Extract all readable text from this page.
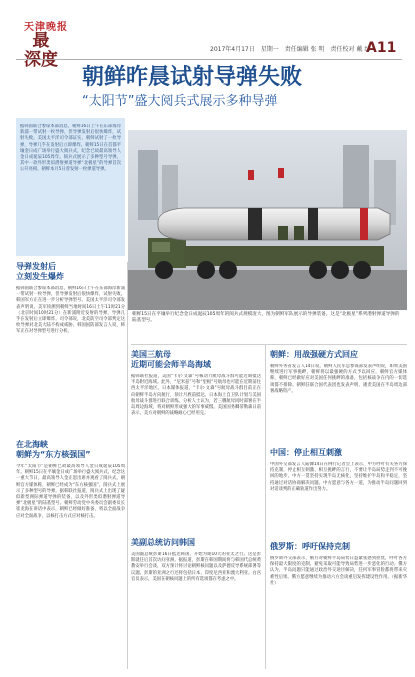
天津晚报
最
深度
2017年4月17日　星期一　责任编辑 张 明　责任校对 戴 红
A11
朝鲜昨晨试射导弹失败
“太阳节”盛大阅兵式展示多种导弹
据韩国联合参谋本部消息，朝鲜16日上午在东部海岸新浦一带试射一枚导弹，但导弹发射后很快爆炸，试射失败。美国太平洋司令部证实，朝鲜试射了一枚导弹，导弹几乎在发射后立即爆炸。朝鲜15日在首都平壤金日成广场举行盛大阅兵式，纪念已故最高领导人金日成诞辰105周年。阅兵式展示了多种型号导弹，其中一款外形类似潜射弹道导弹“北极星”的导弹首次公开亮相。朝鲜本月5日曾发射一枚弹道导弹。
朝鲜15日在平壤举行纪念金日成诞辰105周年的阅兵式规模庞大，图为朝鲜军队展示的导弹装备。这是“北极星”系列潜射弹道导弹的陆基型号。
导弹发射后
立刻发生爆炸
据韩国联合参谋本部消息，朝鲜16日上午在东部海岸新浦一带试射一枚导弹，但导弹发射后很快爆炸，试射失败。韩国军方正在进一步分析导弹型号。美国太平洋司令部发表声明说，美军侦测到朝鲜当地时间16日上午11时21分（北京时间10时21分）在新浦附近发射的导弹，导弹几乎在发射后立即爆炸。司令部说，北美防空司令部判定这枚导弹对北美大陆不构成威胁。韩国国防部发言人说，韩军正在对导弹型号进行分析。
在北海峡
朝鲜为“东方核强国”
今年“太阳节”是朝鲜已故最高领导人金日成诞辰105周年。朝鲜15日在平壤金日成广场举行盛大阅兵式，纪念这一重大节日，最高领导人金正恩出席并观看了阅兵式。朝鲜官方媒体称，朝鲜已经成为“东方核强国”，阅兵式上展示了多种型号的导弹。据韩联社报道，阅兵式上出现了疑似新型洲际弹道导弹的装备，以及外形类似潜射弹道导弹“北极星”的陆基型号。朝鲜劳动党中央委员会副委员长崔龙海在讲话中表示，朝鲜已经做好准备，将以全面战争应对全面战争，以核打击方式应对核打击。
美国三航母
近期可能会师半岛海域
据韩联社报道，美国“卡尔·文森”号核动力航母战斗群可能近期抵达半岛附近海域。此外，“尼米兹”号和“里根”号航母也可能在近期前往西太平洋地区。日本媒体报道，“卡尔·文森”号航母战斗群目前正在向朝鲜半岛方向航行，预计月底前抵达。日本海上自卫队计划与美国航母战斗群进行联合训练。分析人士认为，若三艘航母同时部署在半岛周边海域，将对朝鲜形成强大的军事威慑。美国国务卿蒂勒森日前表示，美方对朝鲜的战略耐心已经用完。
美副总统访问韩国
美国副总统彭斯16日抵达韩国，开始为期10天的亚太之行。这是彭斯就任后首次访问亚洲。据报道，彭斯在韩国期间将与韩国代总统黄教安举行会谈，双方预计将讨论朝鲜核问题以及萨德反导系统部署等议题。彭斯的亚洲之行还将包括日本、印度尼西亚和澳大利亚。白宫官员表示，美国在朝核问题上的所有选项都在考虑之中。
朝鲜：用战强硬方式回应
朝鲜外务省发言人14日说，朝鲜人民军总参谋部发表声明说，如果美国继续进行军事挑衅，朝鲜将以最强硬的方式予以回应。朝鲜官方媒体称，朝鲜已经做好应对美国任何挑衅的准备，包括核战争在内的一切选项都不排除。朝鲜驻联合国代表团也发表声明，谴责美国在半岛周边部署战略资产。
中国：停止相互刺激
中国外交部发言人陆慷14日在例行记者会上表示，中方呼吁有关各方保持克制，停止相互刺激、相互挑衅的言行，不要让半岛局势走到不可挽回的地步。中方一贯坚持实现半岛无核化，坚持维护半岛和平稳定，坚持通过对话协商解决问题。中方愿意与各方一道，为推动半岛问题回到对话谈判的正确轨道作出努力。
俄罗斯：呼吁保持克制
俄罗斯外交部表示，俄方对朝鲜半岛局势日益紧张感到担忧，呼吁各方保持最大限度的克制，避免采取可能导致局势进一步恶化的行动。俄方认为，半岛问题只能通过政治外交途径解决，任何军事冒险都将带来灾难性后果。俄方愿意继续为推动六方会谈重启发挥建设性作用。（据新华社）
